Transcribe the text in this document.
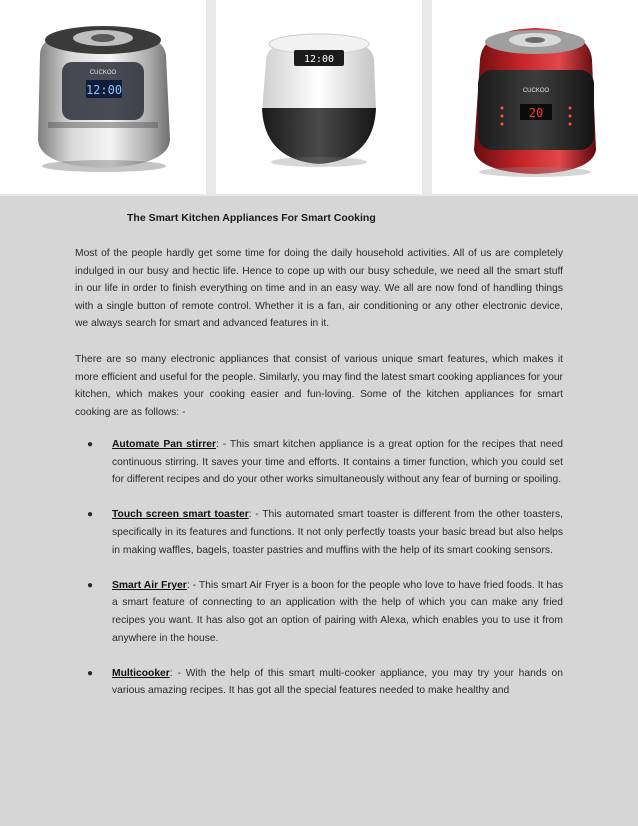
12:00
CUCKOO
12:00
20
CUCKOO
The Smart Kitchen Appliances For Smart Cooking

Most of the people hardly get some time for doing the daily household activities. All of us are completely indulged in our busy and hectic life. Hence to cope up with our busy schedule, we need all the smart stuff in our life in order to finish everything on time and in an easy way. We all are now fond of handling things with a single button of remote control. Whether it is a fan, air conditioning or any other electronic device, we always search for smart and advanced features in it.

There are so many electronic appliances that consist of various unique smart features, which makes it more efficient and useful for the people. Similarly, you may find the latest smart cooking appliances for your kitchen, which makes your cooking easier and fun-loving. Some of the kitchen appliances for smart cooking are as follows: -

● Automate Pan stirrer: - This smart kitchen appliance is a great option for the recipes that need continuous stirring. It saves your time and efforts. It contains a timer function, which you could set for different recipes and do your other works simultaneously without any fear of burning or spoiling.
● Touch screen smart toaster: - This automated smart toaster is different from the other toasters, specifically in its features and functions. It not only perfectly toasts your basic bread but also helps in making waffles, bagels, toaster pastries and muffins with the help of its smart cooking sensors.
● Smart Air Fryer: - This smart Air Fryer is a boon for the people who love to have fried foods. It has a smart feature of connecting to an application with the help of which you can make any fried recipes you want. It has also got an option of pairing with Alexa, which enables you to use it from anywhere in the house.
● Multicooker: - With the help of this smart multi-cooker appliance, you may try your hands on various amazing recipes. It has got all the special features needed to make healthy and
